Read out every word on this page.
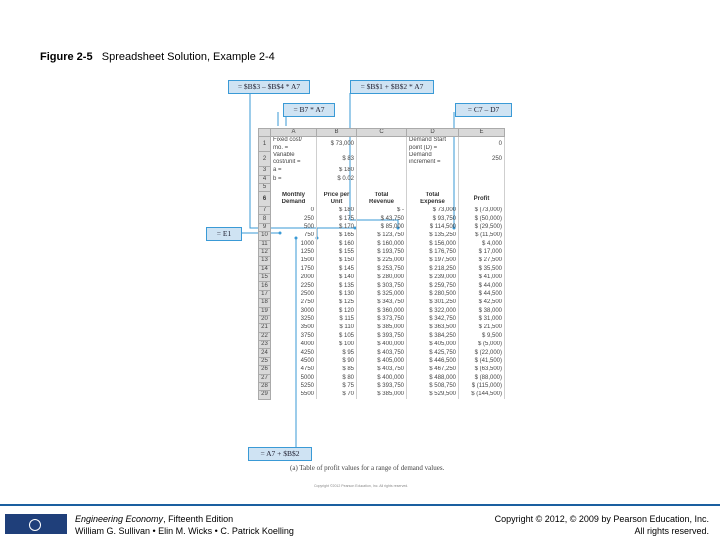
Figure 2-5 Spreadsheet Solution, Example 2-4
= $B$3 – $B$4 * A7	= $B$1 + $B$2 * A7
= B7 * A7	= C7 – D7
= E1
= A7 + $B$2
	A	B	C	D	E
1	Fixed cost/	$ 73,000		Demand Start	0
	mo. =			point (D) =	
2	Variable	$ 83		Demand	250
	cost/unit =			increment =	
3	a =	$ 180			
4	b =	$ 0.02			
5					
6	Monthly	Price per	Total	Total	Profit
	Demand	Unit	Revenue	Expense	
7	0	$ 180	$ -	$ 73,000	$ (73,000)
8	250	$ 175	$ 43,750	$ 93,750	$ (50,000)
9	500	$ 170	$ 85,000	$ 114,500	$ (29,500)
10	750	$ 165	$ 123,750	$ 135,250	$ (11,500)
11	1000	$ 160	$ 160,000	$ 156,000	$ 4,000
12	1250	$ 155	$ 193,750	$ 176,750	$ 17,000
13	1500	$ 150	$ 225,000	$ 197,500	$ 27,500
14	1750	$ 145	$ 253,750	$ 218,250	$ 35,500
15	2000	$ 140	$ 280,000	$ 239,000	$ 41,000
16	2250	$ 135	$ 303,750	$ 259,750	$ 44,000
17	2500	$ 130	$ 325,000	$ 280,500	$ 44,500
18	2750	$ 125	$ 343,750	$ 301,250	$ 42,500
19	3000	$ 120	$ 360,000	$ 322,000	$ 38,000
20	3250	$ 115	$ 373,750	$ 342,750	$ 31,000
21	3500	$ 110	$ 385,000	$ 363,500	$ 21,500
22	3750	$ 105	$ 393,750	$ 384,250	$ 9,500
23	4000	$ 100	$ 400,000	$ 405,000	$ (5,000)
24	4250	$ 95	$ 403,750	$ 425,750	$ (22,000)
25	4500	$ 90	$ 405,000	$ 446,500	$ (41,500)
26	4750	$ 85	$ 403,750	$ 467,250	$ (63,500)
27	5000	$ 80	$ 400,000	$ 488,000	$ (88,000)
28	5250	$ 75	$ 393,750	$ 508,750	$ (115,000)
29	5500	$ 70	$ 385,000	$ 529,500	$ (144,500)
(a) Table of profit values for a range of demand values.
Copyright ©2012 Pearson Education, Inc. All rights reserved.
PEARSON
Engineering Economy, Fifteenth Edition
William G. Sullivan • Elin M. Wicks • C. Patrick Koelling
Copyright © 2012, © 2009 by Pearson Education, Inc.
All rights reserved.
